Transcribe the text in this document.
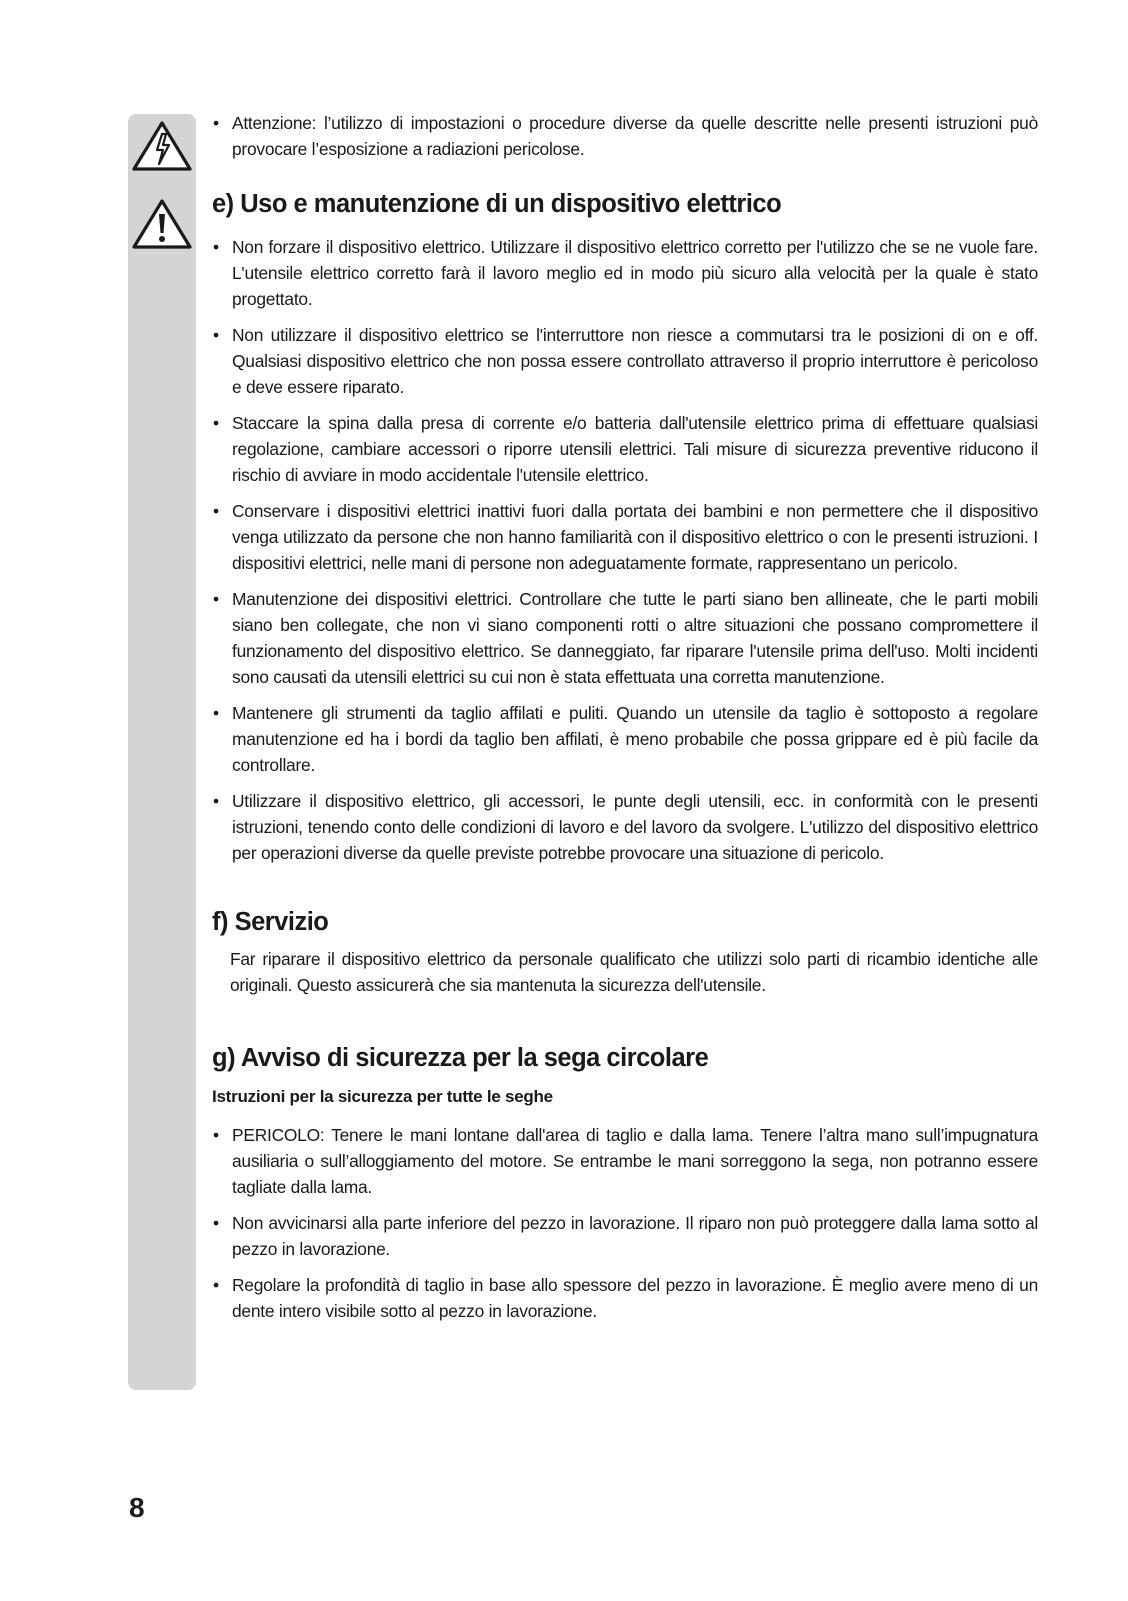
• Attenzione: l’utilizzo di impostazioni o procedure diverse da quelle descritte nelle presenti istruzioni può provocare l’esposizione a radiazioni pericolose.
e) Uso e manutenzione di un dispositivo elettrico
• Non forzare il dispositivo elettrico. Utilizzare il dispositivo elettrico corretto per l'utilizzo che se ne vuole fare. L'utensile elettrico corretto farà il lavoro meglio ed in modo più sicuro alla velocità per la quale è stato progettato.
• Non utilizzare il dispositivo elettrico se l'interruttore non riesce a commutarsi tra le posizioni di on e off. Qualsiasi dispositivo elettrico che non possa essere controllato attraverso il proprio interruttore è pericoloso e deve essere riparato.
• Staccare la spina dalla presa di corrente e/o batteria dall'utensile elettrico prima di effettuare qualsiasi regolazione, cambiare accessori o riporre utensili elettrici. Tali misure di sicurezza preventive riducono il rischio di avviare in modo accidentale l'utensile elettrico.
• Conservare i dispositivi elettrici inattivi fuori dalla portata dei bambini e non permettere che il dispositivo venga utilizzato da persone che non hanno familiarità con il dispositivo elettrico o con le presenti istruzioni. I dispositivi elettrici, nelle mani di persone non adeguatamente formate, rappresentano un pericolo.
• Manutenzione dei dispositivi elettrici. Controllare che tutte le parti siano ben allineate, che le parti mobili siano ben collegate, che non vi siano componenti rotti o altre situazioni che possano compromettere il funzionamento del dispositivo elettrico. Se danneggiato, far riparare l'utensile prima dell'uso. Molti incidenti sono causati da utensili elettrici su cui non è stata effettuata una corretta manutenzione.
• Mantenere gli strumenti da taglio affilati e puliti. Quando un utensile da taglio è sottoposto a regolare manutenzione ed ha i bordi da taglio ben affilati, è meno probabile che possa grippare ed è più facile da controllare.
• Utilizzare il dispositivo elettrico, gli accessori, le punte degli utensili, ecc. in conformità con le presenti istruzioni, tenendo conto delle condizioni di lavoro e del lavoro da svolgere. L'utilizzo del dispositivo elettrico per operazioni diverse da quelle previste potrebbe provocare una situazione di pericolo.
f) Servizio
Far riparare il dispositivo elettrico da personale qualificato che utilizzi solo parti di ricambio identiche alle originali. Questo assicurerà che sia mantenuta la sicurezza dell'utensile.
g) Avviso di sicurezza per la sega circolare
Istruzioni per la sicurezza per tutte le seghe
• PERICOLO: Tenere le mani lontane dall'area di taglio e dalla lama. Tenere l’altra mano sull’impugnatura ausiliaria o sull’alloggiamento del motore. Se entrambe le mani sorreggono la sega, non potranno essere tagliate dalla lama.
• Non avvicinarsi alla parte inferiore del pezzo in lavorazione. Il riparo non può proteggere dalla lama sotto al pezzo in lavorazione.
• Regolare la profondità di taglio in base allo spessore del pezzo in lavorazione. È meglio avere meno di un dente intero visibile sotto al pezzo in lavorazione.
8
